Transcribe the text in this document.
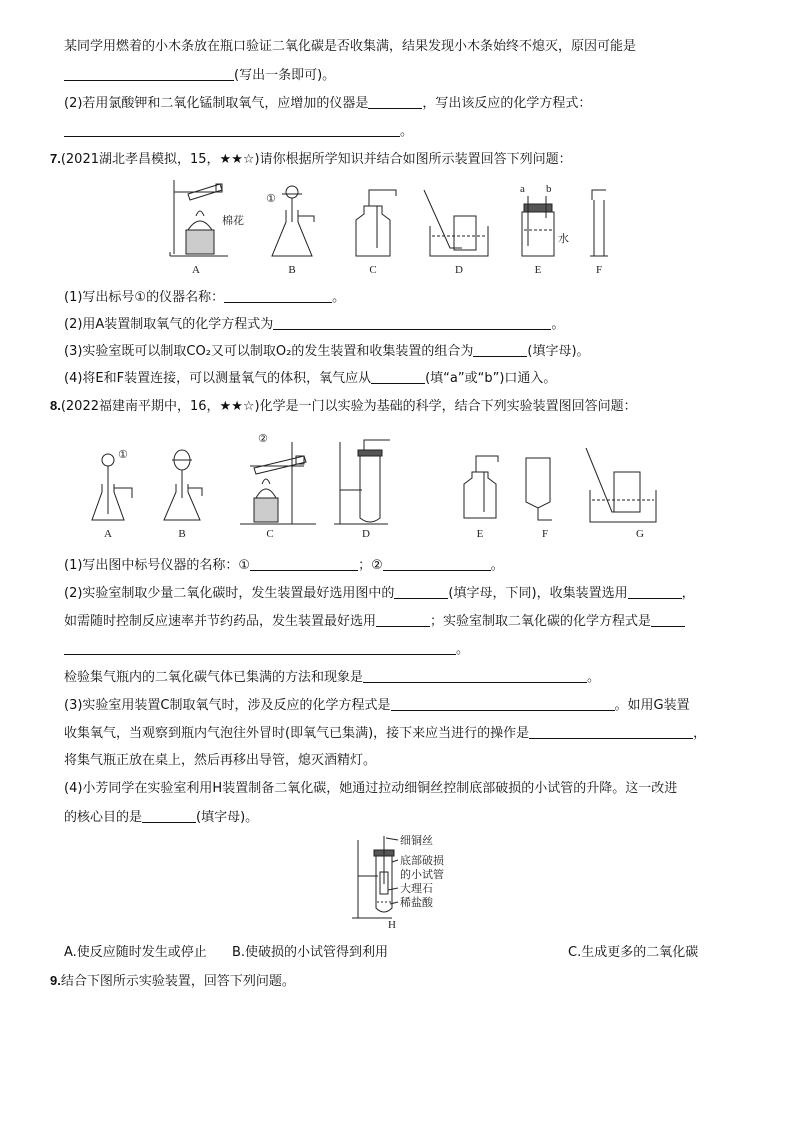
某同学用燃着的小木条放在瓶口验证二氧化碳是否收集满，结果发现小木条始终不熄灭，原因可能是
(写出一条即可)。
(2)若用氯酸钾和二氧化锰制取氧气，应增加的仪器是	，写出该反应的化学方程式：
。
7.(2021湖北孝昌模拟，15，★★☆)请你根据所学知识并结合如图所示装置回答下列问题：
A	B	C	D	E	F
①
棉花
水
a b
(1)写出标号①的仪器名称：	。
(2)用A装置制取氧气的化学方程式为	。
(3)实验室既可以制取CO₂又可以制取O₂的发生装置和收集装置的组合为	(填字母)。
(4)将E和F装置连接，可以测量氧气的体积，氧气应从	(填“a”或“b”)口通入。
8.(2022福建南平期中，16，★★☆)化学是一门以实验为基础的科学，结合下列实验装置图回答问题：
A	B	C	D	E	F	G
①
②
(1)写出图中标号仪器的名称：①	；②	。
(2)实验室制取少量二氧化碳时，发生装置最好选用图中的	(填字母，下同)，收集装置选用	，
如需随时控制反应速率并节约药品，发生装置最好选用	；实验室制取二氧化碳的化学方程式是
。
检验集气瓶内的二氧化碳气体已集满的方法和现象是	。
(3)实验室用装置C制取氧气时，涉及反应的化学方程式是	。如用G装置
收集氧气，当观察到瓶内气泡往外冒时(即氧气已集满)，接下来应当进行的操作是	，
将集气瓶正放在桌上，然后再移出导管，熄灭酒精灯。
(4)小芳同学在实验室利用H装置制备二氧化碳，她通过拉动细铜丝控制底部破损的小试管的升降。这一改进
的核心目的是	(填字母)。
细铜丝
底部破损
的小试管
大理石
稀盐酸
H
A.使反应随时发生或停止 B.使破损的小试管得到利用	C.生成更多的二氧化碳
9.结合下图所示实验装置，回答下列问题。
